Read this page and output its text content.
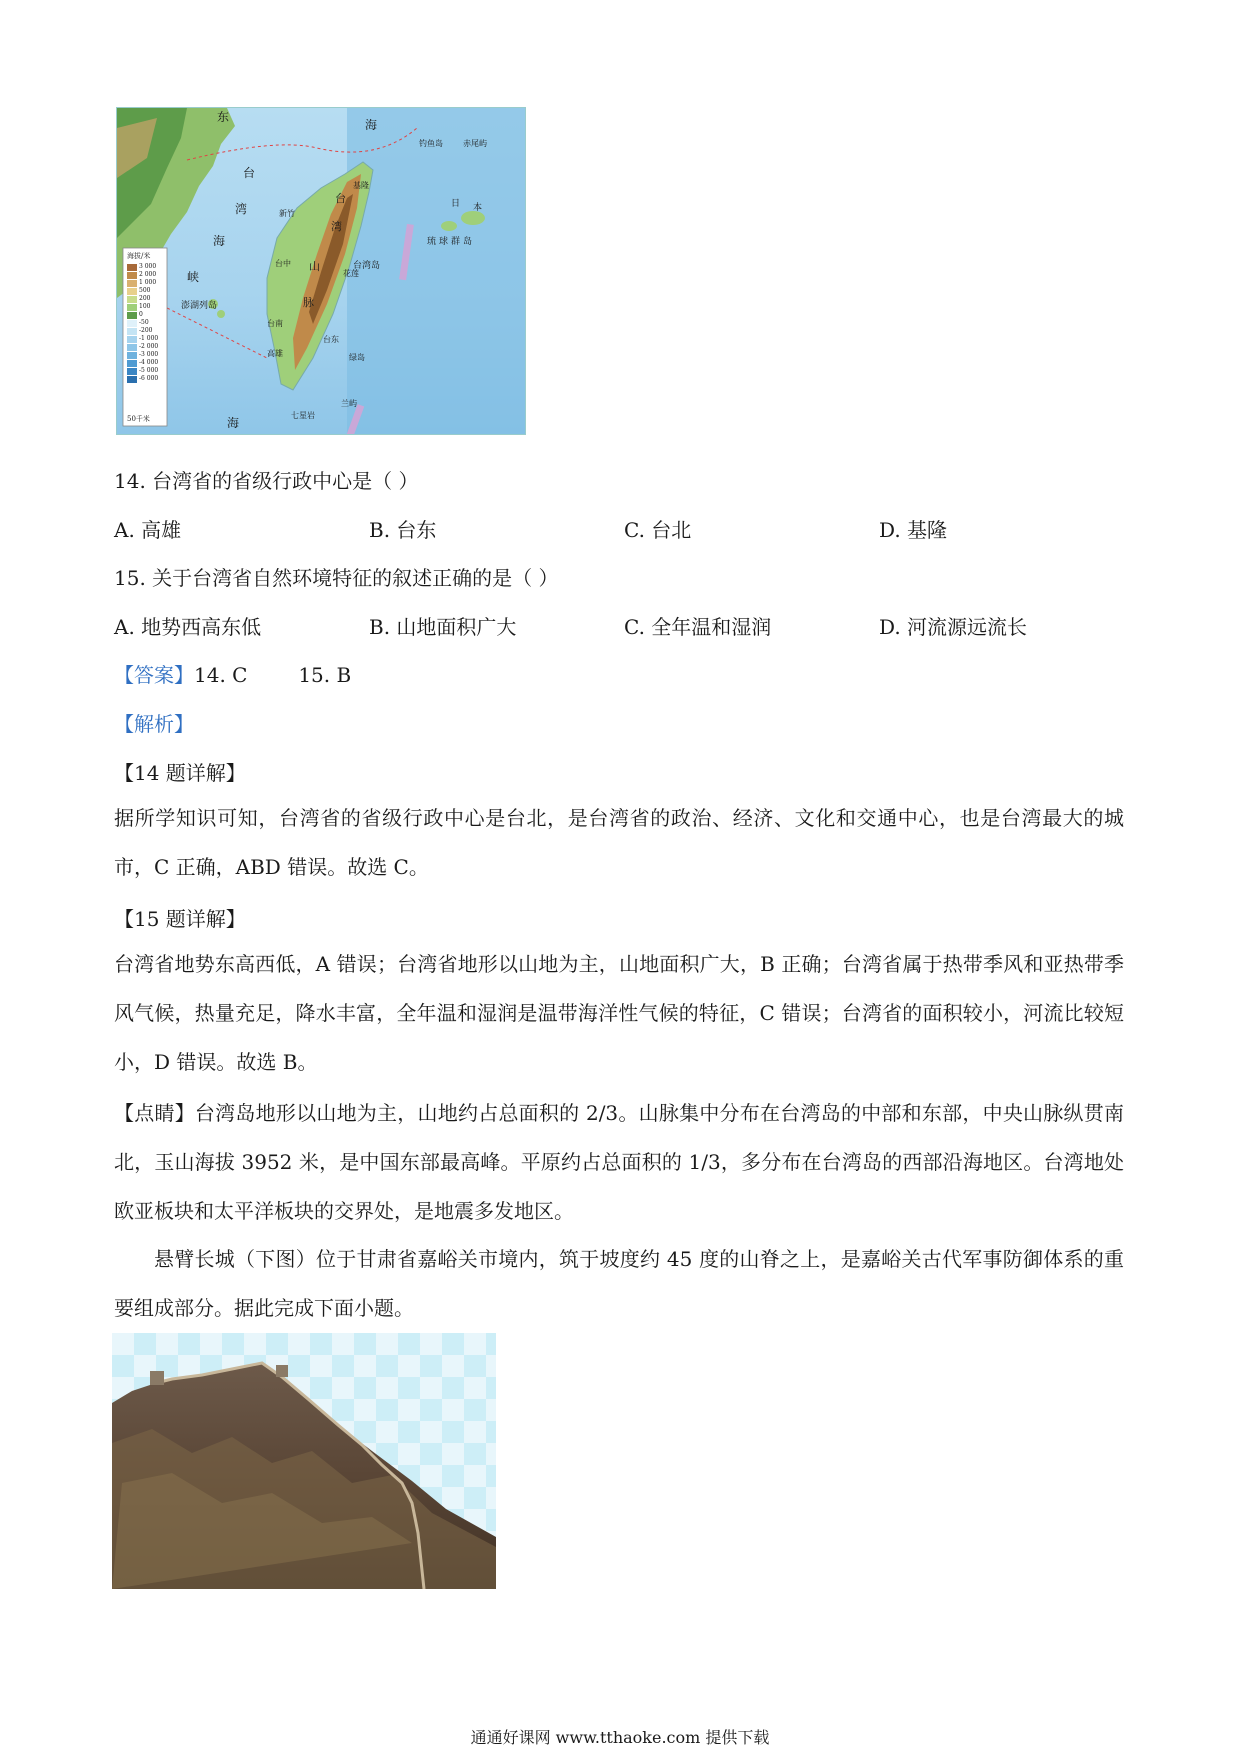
东
海
台
湾
海
峡
台
湾
山
脉
台湾岛
澎湖列岛
日 本
琉 球 群 岛
钓鱼岛	赤尾屿
新竹
台中
台南
高雄
台东
花莲
基隆
绿岛
兰屿
七星岩
海
海拔/米
3 000
2 000
1 000
500
200
100
0
-50
-200
-1 000
-2 000
-3 000
-4 000
-5 000
-6 000
50千米
14. 台湾省的省级行政中心是（ ）
A. 高雄	B. 台东	C. 台北	D. 基隆
15. 关于台湾省自然环境特征的叙述正确的是（ ）
A. 地势西高东低	B. 山地面积广大	C. 全年温和湿润	D. 河流源远流长
【答案】14. C        15. B
【解析】
【14 题详解】
据所学知识可知，台湾省的省级行政中心是台北，是台湾省的政治、经济、文化和交通中心，也是台湾最大的城市，C 正确，ABD 错误。故选 C。
【15 题详解】
台湾省地势东高西低，A 错误；台湾省地形以山地为主，山地面积广大，B 正确；台湾省属于热带季风和亚热带季风气候，热量充足，降水丰富，全年温和湿润是温带海洋性气候的特征，C 错误；台湾省的面积较小，河流比较短小，D 错误。故选 B。
【点睛】台湾岛地形以山地为主，山地约占总面积的 2/3。山脉集中分布在台湾岛的中部和东部，中央山脉纵贯南北，玉山海拔 3952 米，是中国东部最高峰。平原约占总面积的 1/3，多分布在台湾岛的西部沿海地区。台湾地处欧亚板块和太平洋板块的交界处，是地震多发地区。
悬臂长城（下图）位于甘肃省嘉峪关市境内，筑于坡度约 45 度的山脊之上，是嘉峪关古代军事防御体系的重要组成部分。据此完成下面小题。
通通好课网 www.tthaoke.com 提供下载
